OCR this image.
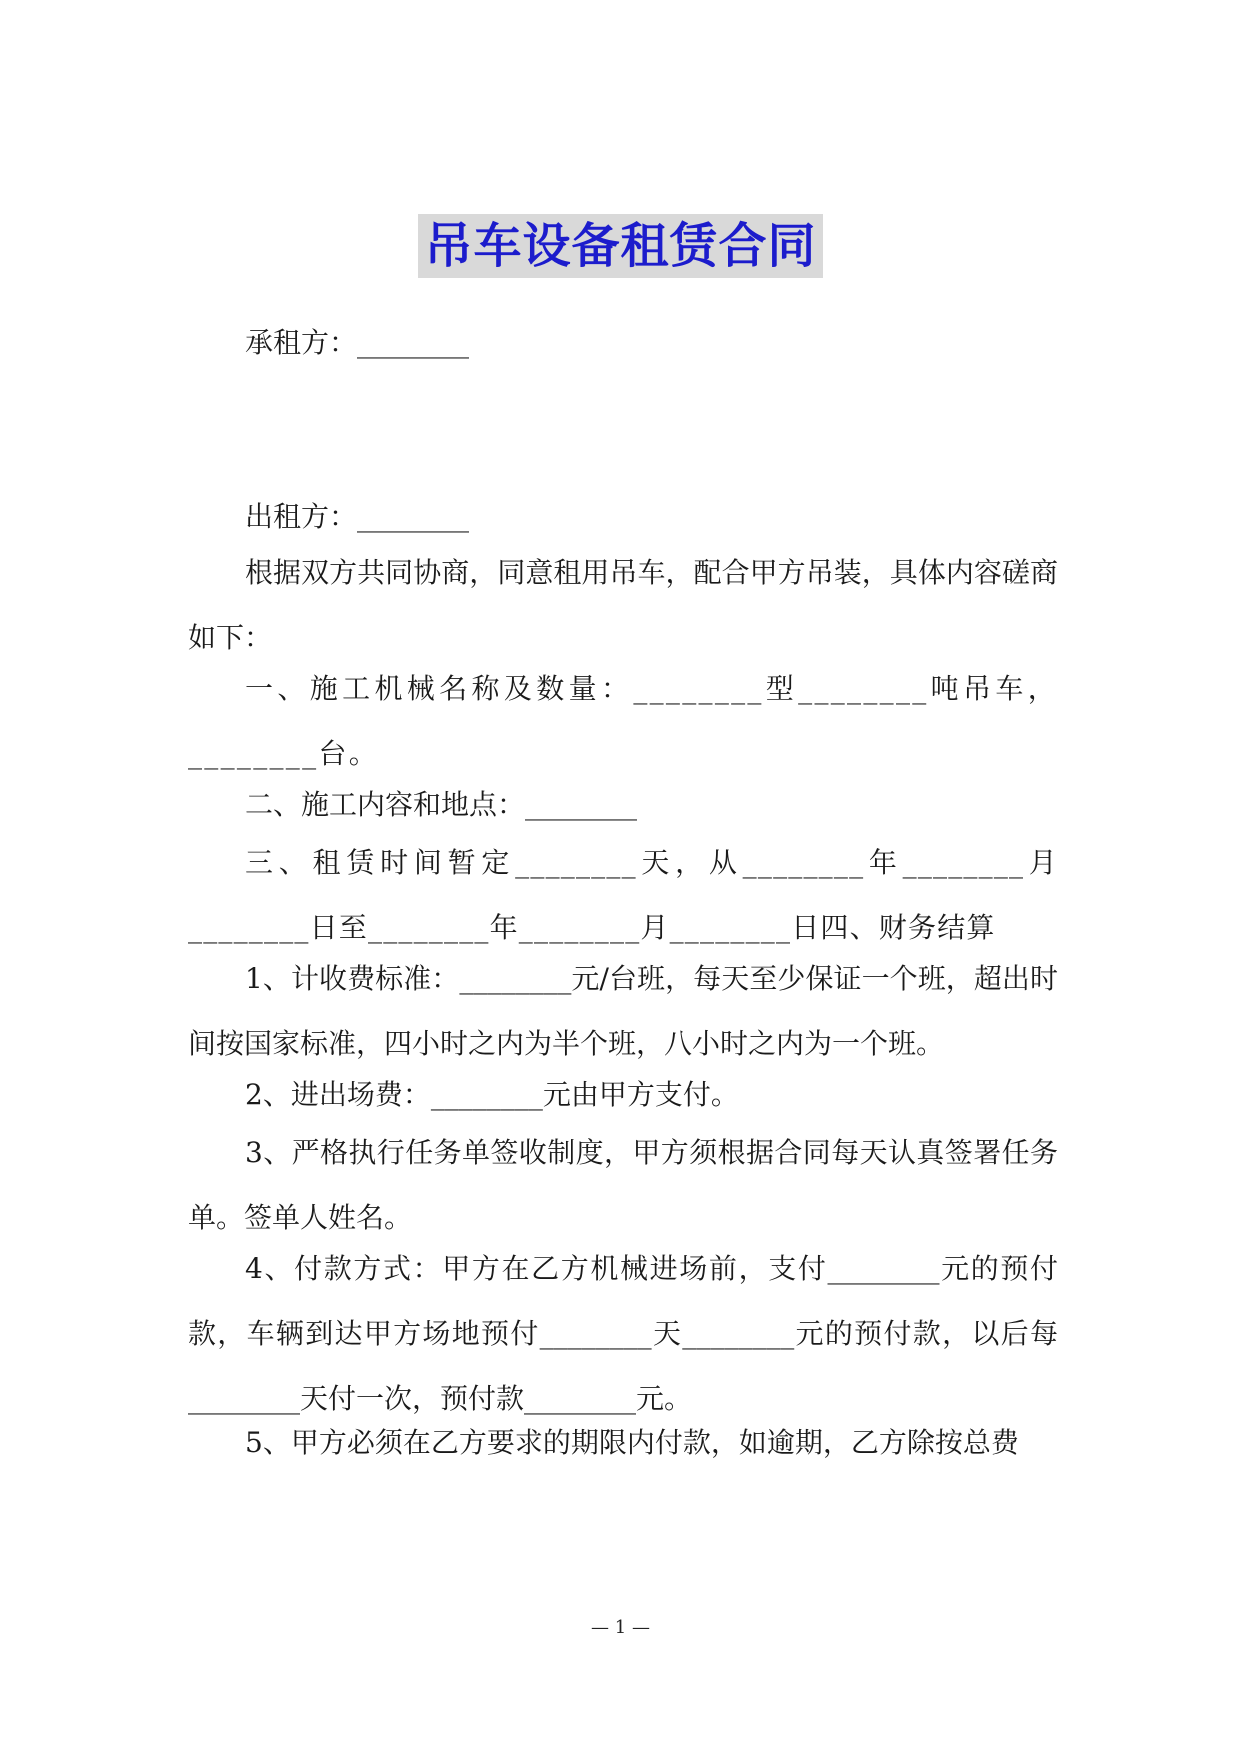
吊车设备租赁合同
承租方：________
出租方：________
根据双方共同协商，同意租用吊车，配合甲方吊装，具体内容磋商如下：
一、施工机械名称及数量：________型________吨吊车，________台。
二、施工内容和地点：________
三、租赁时间暂定________天，从________年________月________日至________年________月________日四、财务结算
1、计收费标准：________元/台班，每天至少保证一个班，超出时间按国家标准，四小时之内为半个班，八小时之内为一个班。
2、进出场费：________元由甲方支付。
3、严格执行任务单签收制度，甲方须根据合同每天认真签署任务单。签单人姓名。
4、付款方式：甲方在乙方机械进场前，支付________元的预付款，车辆到达甲方场地预付________天________元的预付款，以后每________天付一次，预付款________元。
5、甲方必须在乙方要求的期限内付款，如逾期，乙方除按总费
— 1 —
